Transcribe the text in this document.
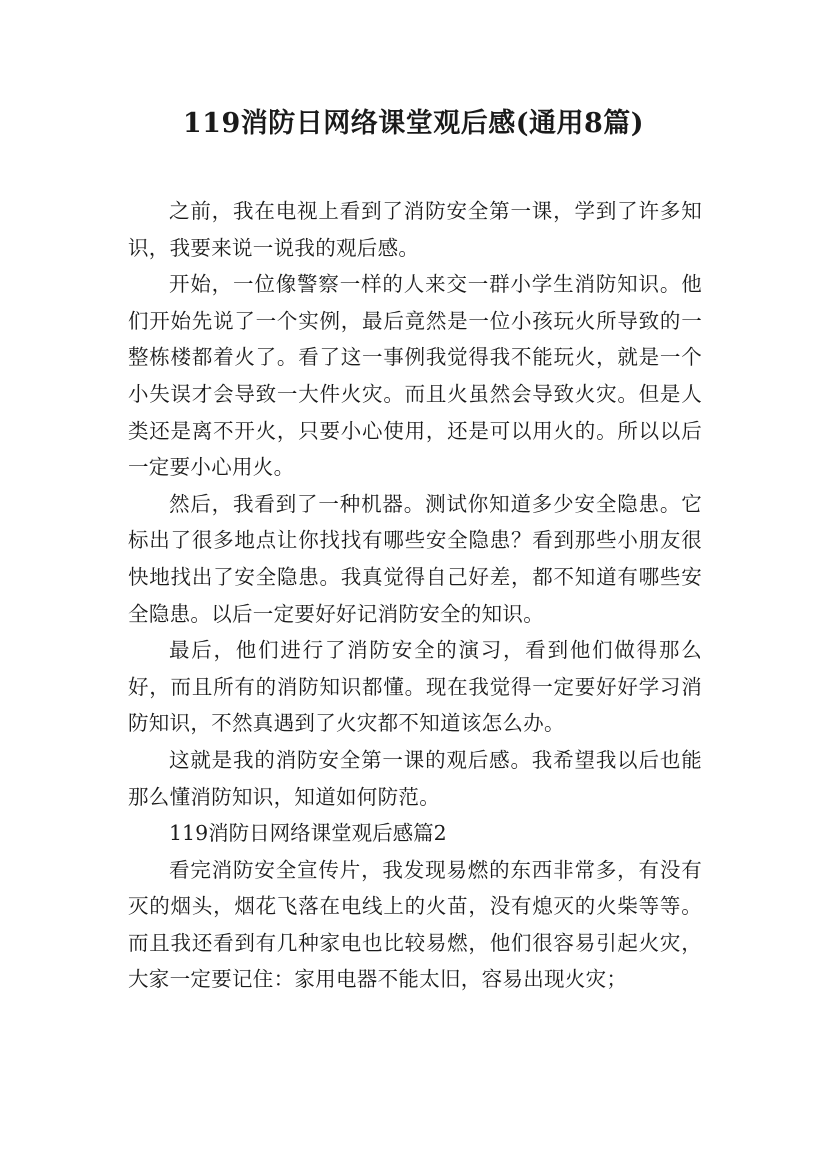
119消防日网络课堂观后感(通用8篇)

之前，我在电视上看到了消防安全第一课，学到了许多知识，我要来说一说我的观后感。

开始，一位像警察一样的人来交一群小学生消防知识。他们开始先说了一个实例，最后竟然是一位小孩玩火所导致的一整栋楼都着火了。看了这一事例我觉得我不能玩火，就是一个小失误才会导致一大件火灾。而且火虽然会导致火灾。但是人类还是离不开火，只要小心使用，还是可以用火的。所以以后一定要小心用火。

然后，我看到了一种机器。测试你知道多少安全隐患。它标出了很多地点让你找找有哪些安全隐患？看到那些小朋友很快地找出了安全隐患。我真觉得自己好差，都不知道有哪些安全隐患。以后一定要好好记消防安全的知识。

最后，他们进行了消防安全的演习，看到他们做得那么好，而且所有的消防知识都懂。现在我觉得一定要好好学习消防知识，不然真遇到了火灾都不知道该怎么办。

这就是我的消防安全第一课的观后感。我希望我以后也能那么懂消防知识，知道如何防范。

119消防日网络课堂观后感篇2

看完消防安全宣传片，我发现易燃的东西非常多，有没有灭的烟头，烟花飞落在电线上的火苗，没有熄灭的火柴等等。而且我还看到有几种家电也比较易燃，他们很容易引起火灾，大家一定要记住：家用电器不能太旧，容易出现火灾；
